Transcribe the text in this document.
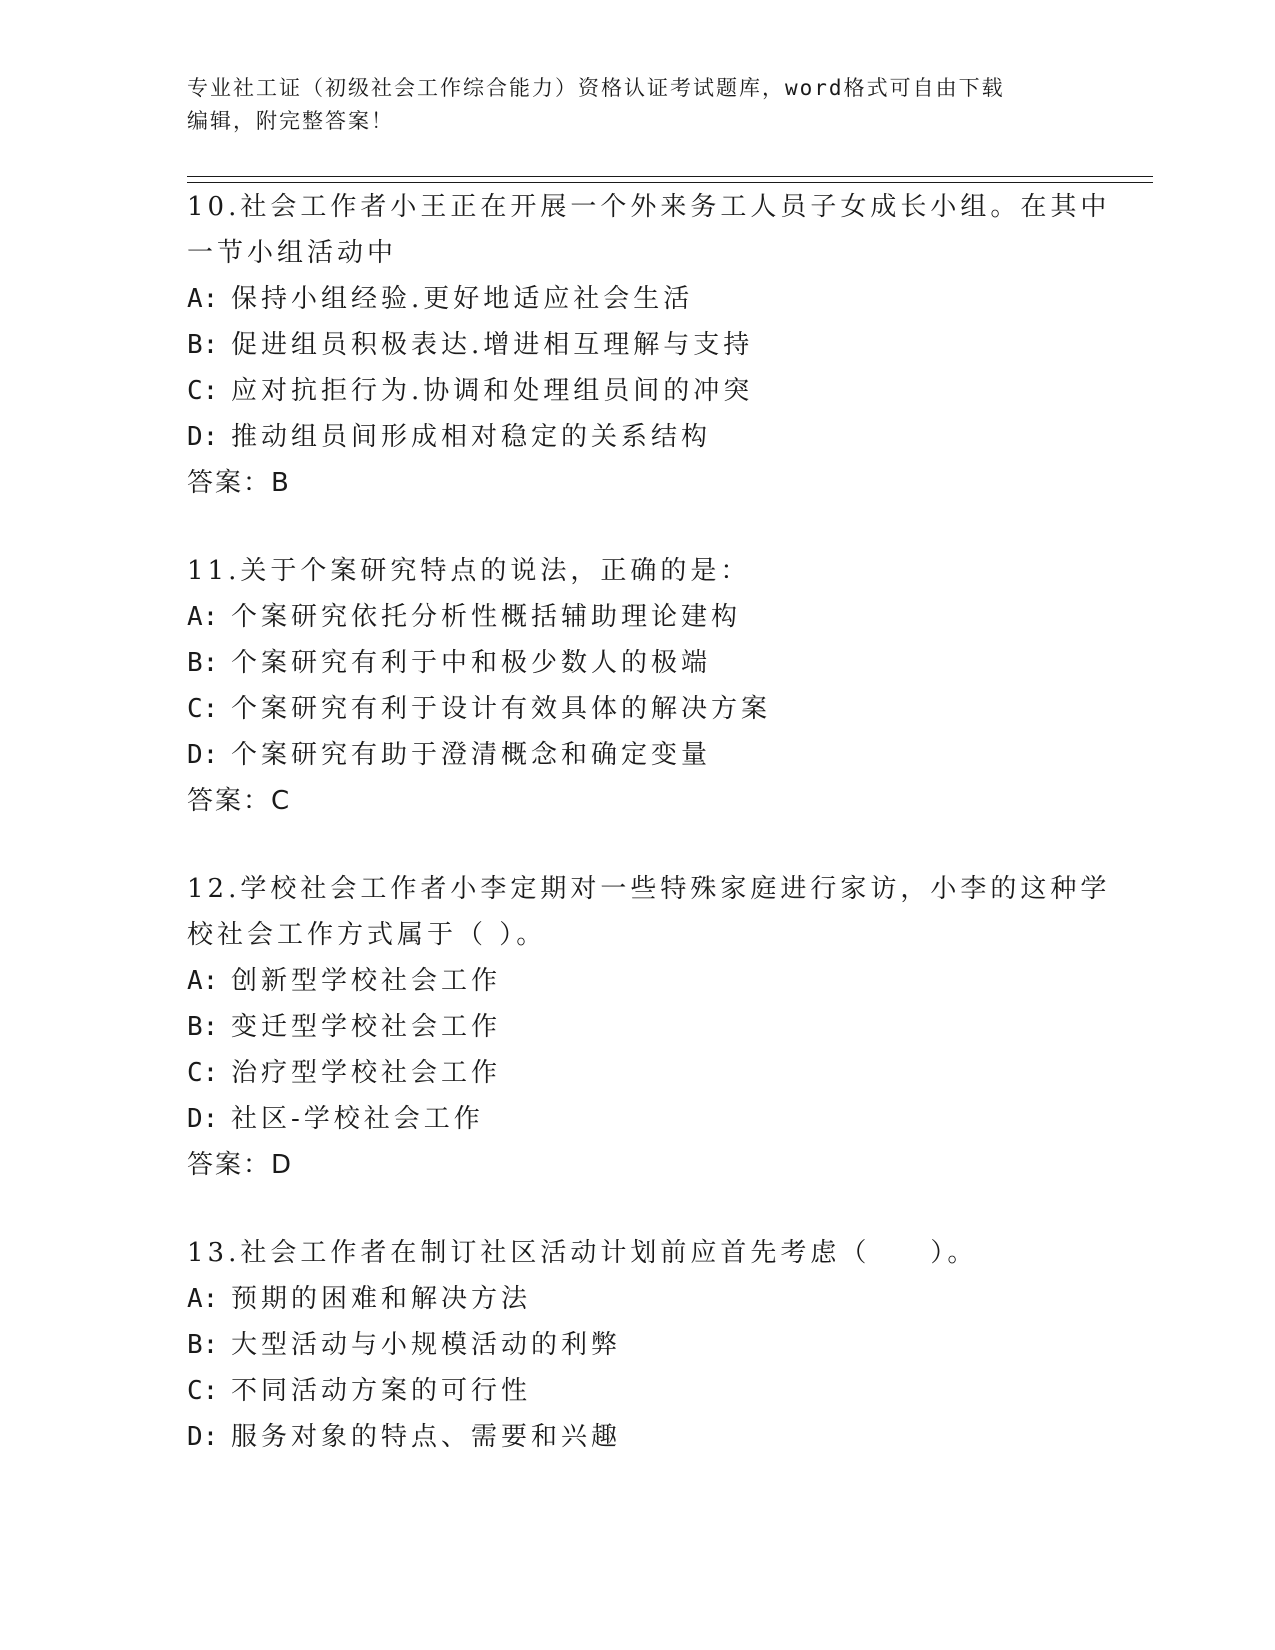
专业社工证（初级社会工作综合能力）资格认证考试题库，word格式可自由下载
编辑，附完整答案！
10.社会工作者小王正在开展一个外来务工人员子女成长小组。在其中
一节小组活动中
A: 保持小组经验.更好地适应社会生活
B: 促进组员积极表达.增进相互理解与支持
C: 应对抗拒行为.协调和处理组员间的冲突
D: 推动组员间形成相对稳定的关系结构
答案：B
11.关于个案研究特点的说法，正确的是：
A: 个案研究依托分析性概括辅助理论建构
B: 个案研究有利于中和极少数人的极端
C: 个案研究有利于设计有效具体的解决方案
D: 个案研究有助于澄清概念和确定变量
答案：C
12.学校社会工作者小李定期对一些特殊家庭进行家访，小李的这种学
校社会工作方式属于（ ）。
A: 创新型学校社会工作
B: 变迁型学校社会工作
C: 治疗型学校社会工作
D: 社区-学校社会工作
答案：D
13.社会工作者在制订社区活动计划前应首先考虑（　　）。
A: 预期的困难和解决方法
B: 大型活动与小规模活动的利弊
C: 不同活动方案的可行性
D: 服务对象的特点、需要和兴趣
